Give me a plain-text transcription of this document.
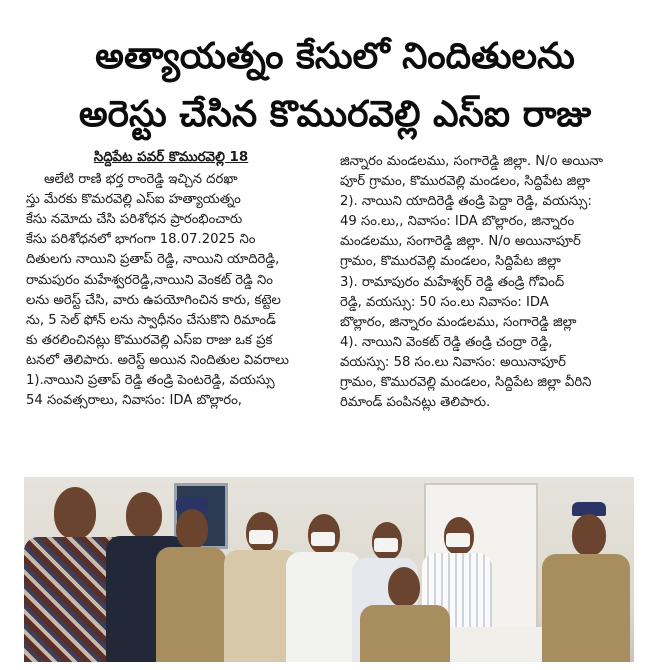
అత్యాయత్నం కేసులో నిందితులను
అరెస్టు చేసిన కొమురవెల్లి ఎస్ఐ రాజు
సిద్దిపేట పవర్ కొమురవెల్లి 18

ఆలేటి రాణి భర్త రాంరెడ్డి ఇచ్చిన దరఖా

స్తు మేరకు కొమరవెల్లి ఎస్ఐ హత్యాయత్నం

కేసు నమోదు చేసి పరిశోధన ప్రారంభించారు

కేసు పరిశోధనలో భాగంగా 18.07.2025 నిం

దితులగు నాయిని ప్రతాప్ రెడ్డి, నాయిని యాదిరెడ్డి,

రామపురం మహేశ్వరరెడ్డి,నాయిని వెంకట్ రెడ్డి నిం

లను అరెస్ట్ చేసి, వారు ఉపయోగించిన కారు, కట్టెల

ను, 5 సెల్ ఫోన్ లను స్వాధీనం చేసుకొని రిమాండ్

కు తరలించినట్లు కొమురవెల్లి ఎస్ఐ రాజు ఒక ప్రక

టనలో తెలిపారు. అరెస్ట్ అయిన నిందితుల వివరాలు

1).నాయిని ప్రతాప్ రెడ్డి తండ్రి పెంటరెడ్డి, వయస్సు

54 సంవత్సరాలు, నివాసం: IDA బొల్లారం,

జిన్నారం మండలము, సంగారెడ్డి జిల్లా. N/o అయినా

పూర్ గ్రామం, కొమురవెల్లి మండలం, సిద్దిపేట జిల్లా

2). నాయిని యాదిరెడ్డి తండ్రి పెద్దా రెడ్డి, వయస్సు:

49 సం.లు,, నివాసం: IDA బొల్లారం, జిన్నారం

మండలము, సంగారెడ్డి జిల్లా. N/o అయినాపూర్

గ్రామం, కొమురవెల్లి మండలం, సిద్దిపేట జిల్లా

3). రామాపురం మహేశ్వర్ రెడ్డి తండ్రి గోవింద్

రెడ్డి, వయస్సు: 50 సం.లు నివాసం: IDA

బొల్లారం, జిన్నారం మండలము, సంగారెడ్డి జిల్లా

4). నాయిని వెంకట్ రెడ్డి తండ్రి చంద్రా రెడ్డి,

వయస్సు: 58 సం.లు నివాసం: అయినాపూర్

గ్రామం, కొమురవెల్లి మండలం, సిద్దిపేట జిల్లా వీరిని

రిమాండ్ పంపినట్లు తెలిపారు.
